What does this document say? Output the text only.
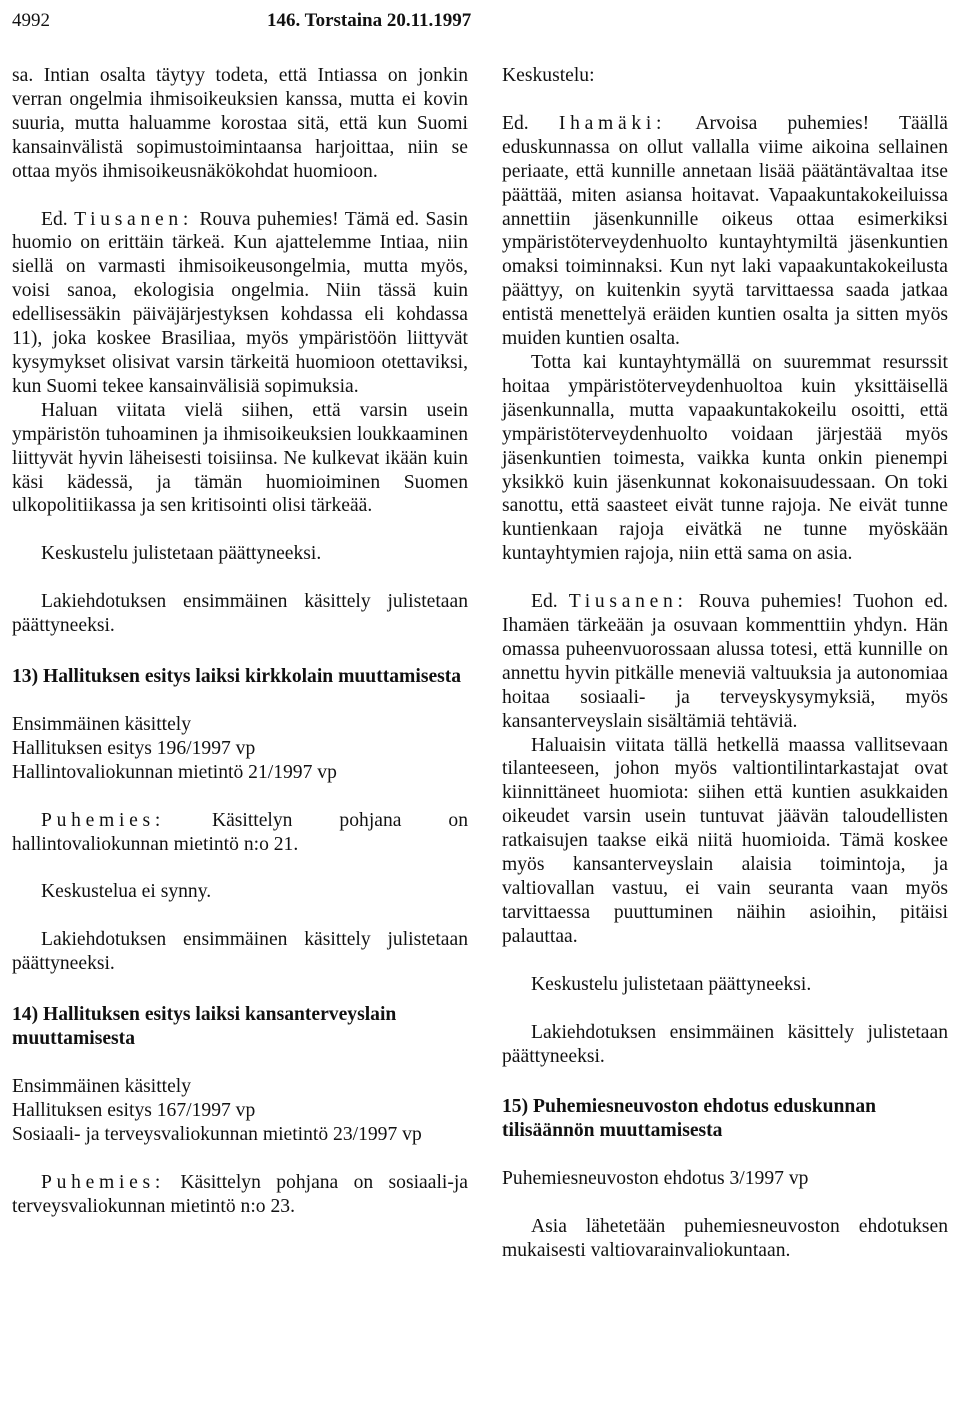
4992	146. Torstaina 20.11.1997

sa. Intian osalta täytyy todeta, että Intiassa on jonkin verran ongelmia ihmisoikeuksien kanssa, mutta ei kovin suuria, mutta haluamme korostaa sitä, että kun Suomi kansainvälistä sopimustoimintaansa harjoittaa, niin se ottaa myös ihmisoikeusnäkökohdat huomioon.

Ed. Tiusanen: Rouva puhemies! Tämä ed. Sasin huomio on erittäin tärkeä. Kun ajattelemme Intiaa, niin siellä on varmasti ihmisoikeusongelmia, mutta myös, voisi sanoa, ekologisia ongelmia. Niin tässä kuin edellisessäkin päiväjärjestyksen kohdassa eli kohdassa 11), joka koskee Brasiliaa, myös ympäristöön liittyvät kysymykset olisivat varsin tärkeitä huomioon otettaviksi, kun Suomi tekee kansainvälisiä sopimuksia.

Haluan viitata vielä siihen, että varsin usein ympäristön tuhoaminen ja ihmisoikeuksien loukkaaminen liittyvät hyvin läheisesti toisiinsa. Ne kulkevat ikään kuin käsi kädessä, ja tämän huomioiminen Suomen ulkopolitiikassa ja sen kritisointi olisi tärkeää.

Keskustelu julistetaan päättyneeksi.

Lakiehdotuksen ensimmäinen käsittely julistetaan päättyneeksi.

13) Hallituksen esitys laiksi kirkkolain muuttamisesta

Ensimmäinen käsittely

Hallituksen esitys 196/1997 vp

Hallintovaliokunnan mietintö 21/1997 vp

Puhemies: Käsittelyn pohjana on hallintovaliokunnan mietintö n:o 21.

Keskustelua ei synny.

Lakiehdotuksen ensimmäinen käsittely julistetaan päättyneeksi.

14) Hallituksen esitys laiksi kansanterveyslain muuttamisesta

Ensimmäinen käsittely

Hallituksen esitys 167/1997 vp

Sosiaali- ja terveysvaliokunnan mietintö 23/1997 vp

Puhemies: Käsittelyn pohjana on sosiaali-ja terveysvaliokunnan mietintö n:o 23.

Keskustelu:

Ed. Ihamäki: Arvoisa puhemies! Täällä eduskunnassa on ollut vallalla viime aikoina sellainen periaate, että kunnille annetaan lisää päätäntävaltaa itse päättää, miten asiansa hoitavat. Vapaakuntakokeiluissa annettiin jäsenkunnille oikeus ottaa esimerkiksi ympäristöterveydenhuolto kuntayhtymiltä jäsenkuntien omaksi toiminnaksi. Kun nyt laki vapaakuntakokeilusta päättyy, on kuitenkin syytä tarvittaessa saada jatkaa entistä menettelyä eräiden kuntien osalta ja sitten myös muiden kuntien osalta.

Totta kai kuntayhtymällä on suuremmat resurssit hoitaa ympäristöterveydenhuoltoa kuin yksittäisellä jäsenkunnalla, mutta vapaakuntakokeilu osoitti, että ympäristöterveydenhuolto voidaan järjestää myös jäsenkuntien toimesta, vaikka kunta onkin pienempi yksikkö kuin jäsenkunnat kokonaisuudessaan. On toki sanottu, että saasteet eivät tunne rajoja. Ne eivät tunne kuntienkaan rajoja eivätkä ne tunne myöskään kuntayhtymien rajoja, niin että sama on asia.

Ed. Tiusanen: Rouva puhemies! Tuohon ed. Ihamäen tärkeään ja osuvaan kommenttiin yhdyn. Hän omassa puheenvuorossaan alussa totesi, että kunnille on annettu hyvin pitkälle meneviä valtuuksia ja autonomiaa hoitaa sosiaali- ja terveyskysymyksiä, myös kansanterveyslain sisältämiä tehtäviä.

Haluaisin viitata tällä hetkellä maassa vallitsevaan tilanteeseen, johon myös valtiontilintarkastajat ovat kiinnittäneet huomiota: siihen että kuntien asukkaiden oikeudet varsin usein tuntuvat jäävän taloudellisten ratkaisujen taakse eikä niitä huomioida. Tämä koskee myös kansanterveyslain alaisia toimintoja, ja valtiovallan vastuu, ei vain seuranta vaan myös tarvittaessa puuttuminen näihin asioihin, pitäisi palauttaa.

Keskustelu julistetaan päättyneeksi.

Lakiehdotuksen ensimmäinen käsittely julistetaan päättyneeksi.

15) Puhemiesneuvoston ehdotus eduskunnan tilisäännön muuttamisesta

Puhemiesneuvoston ehdotus 3/1997 vp

Asia lähetetään puhemiesneuvoston ehdotuksen mukaisesti valtiovarainvaliokuntaan.
